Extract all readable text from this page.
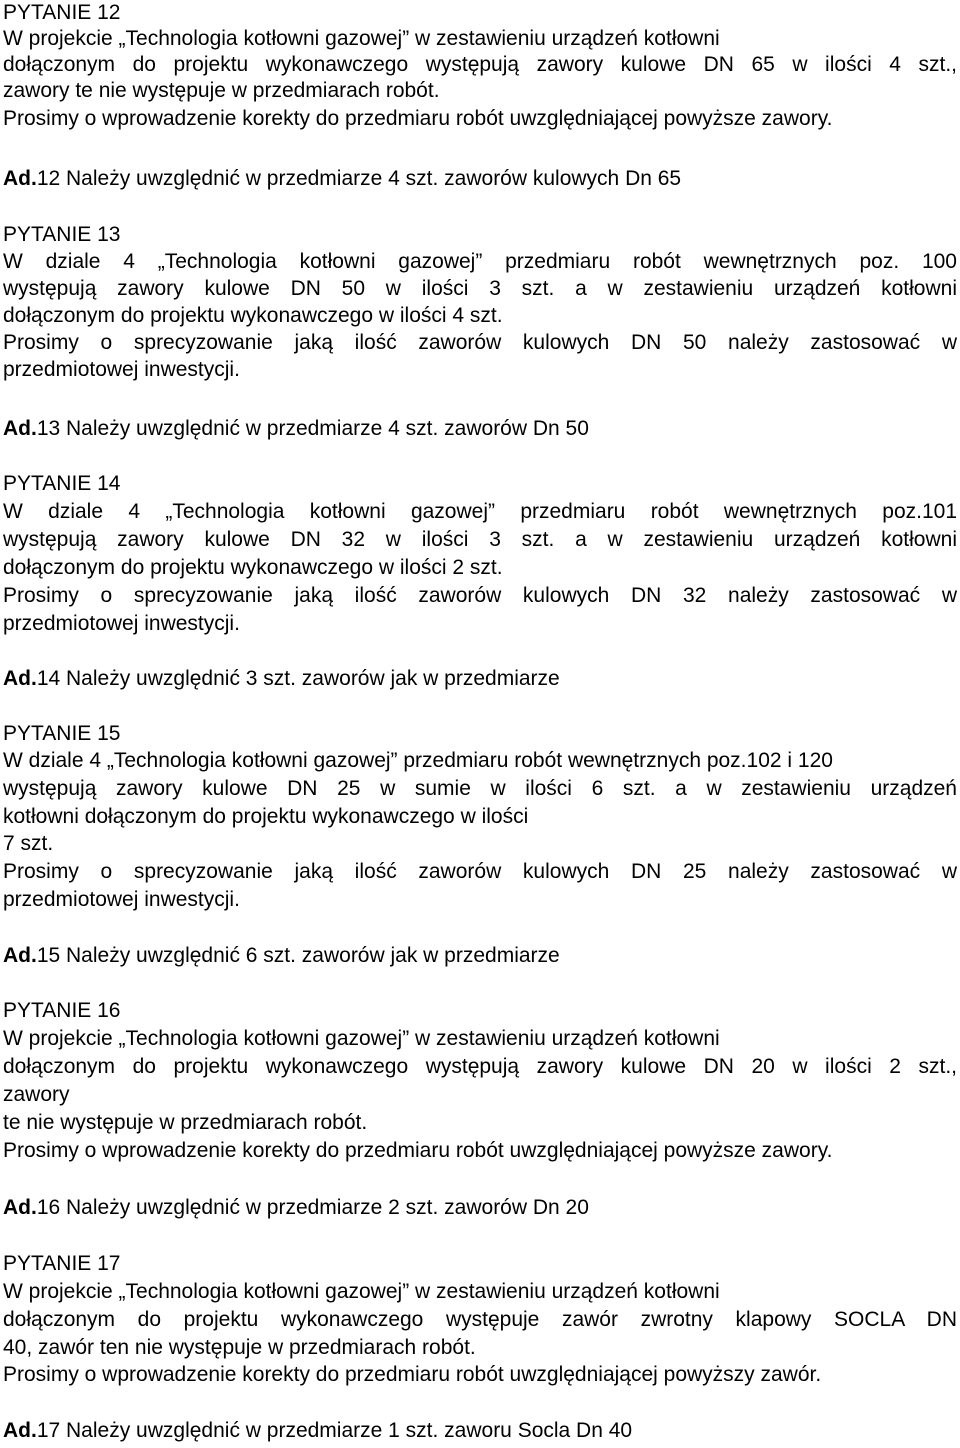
PYTANIE 12
W projekcie „Technologia kotłowni gazowej” w zestawieniu urządzeń kotłowni
dołączonym do projektu wykonawczego występują zawory kulowe DN 65 w ilości 4 szt.,
zawory te nie występuje w przedmiarach robót.
Prosimy o wprowadzenie korekty do przedmiaru robót uwzględniającej powyższe zawory.
Ad.12 Należy uwzględnić w przedmiarze 4 szt. zaworów kulowych Dn 65
PYTANIE 13
W dziale 4 „Technologia kotłowni gazowej” przedmiaru robót wewnętrznych poz. 100
występują zawory kulowe DN 50 w ilości 3 szt. a w zestawieniu urządzeń kotłowni
dołączonym do projektu wykonawczego w ilości 4 szt.
Prosimy o sprecyzowanie jaką ilość zaworów kulowych DN 50 należy zastosować w
przedmiotowej inwestycji.
Ad.13 Należy uwzględnić w przedmiarze 4 szt. zaworów Dn 50
PYTANIE 14
W dziale 4 „Technologia kotłowni gazowej” przedmiaru robót wewnętrznych poz.101
występują zawory kulowe DN 32 w ilości 3 szt. a w zestawieniu urządzeń kotłowni
dołączonym do projektu wykonawczego w ilości 2 szt.
Prosimy o sprecyzowanie jaką ilość zaworów kulowych DN 32 należy zastosować w
przedmiotowej inwestycji.
Ad.14 Należy uwzględnić 3 szt. zaworów jak w przedmiarze
PYTANIE 15
W dziale 4 „Technologia kotłowni gazowej” przedmiaru robót wewnętrznych poz.102 i 120
występują zawory kulowe DN 25 w sumie w ilości 6 szt. a w zestawieniu urządzeń
kotłowni dołączonym do projektu wykonawczego w ilości
7 szt.
Prosimy o sprecyzowanie jaką ilość zaworów kulowych DN 25 należy zastosować w
przedmiotowej inwestycji.
Ad.15 Należy uwzględnić 6 szt. zaworów jak w przedmiarze
PYTANIE 16
W projekcie „Technologia kotłowni gazowej” w zestawieniu urządzeń kotłowni
dołączonym do projektu wykonawczego występują zawory kulowe DN 20 w ilości 2 szt.,
zawory
te nie występuje w przedmiarach robót.
Prosimy o wprowadzenie korekty do przedmiaru robót uwzględniającej powyższe zawory.
Ad.16 Należy uwzględnić w przedmiarze 2 szt. zaworów Dn 20
PYTANIE 17
W projekcie „Technologia kotłowni gazowej” w zestawieniu urządzeń kotłowni
dołączonym do projektu wykonawczego występuje zawór zwrotny klapowy SOCLA DN
40, zawór ten nie występuje w przedmiarach robót.
Prosimy o wprowadzenie korekty do przedmiaru robót uwzględniającej powyższy zawór.
Ad.17 Należy uwzględnić w przedmiarze 1 szt. zaworu Socla Dn 40
